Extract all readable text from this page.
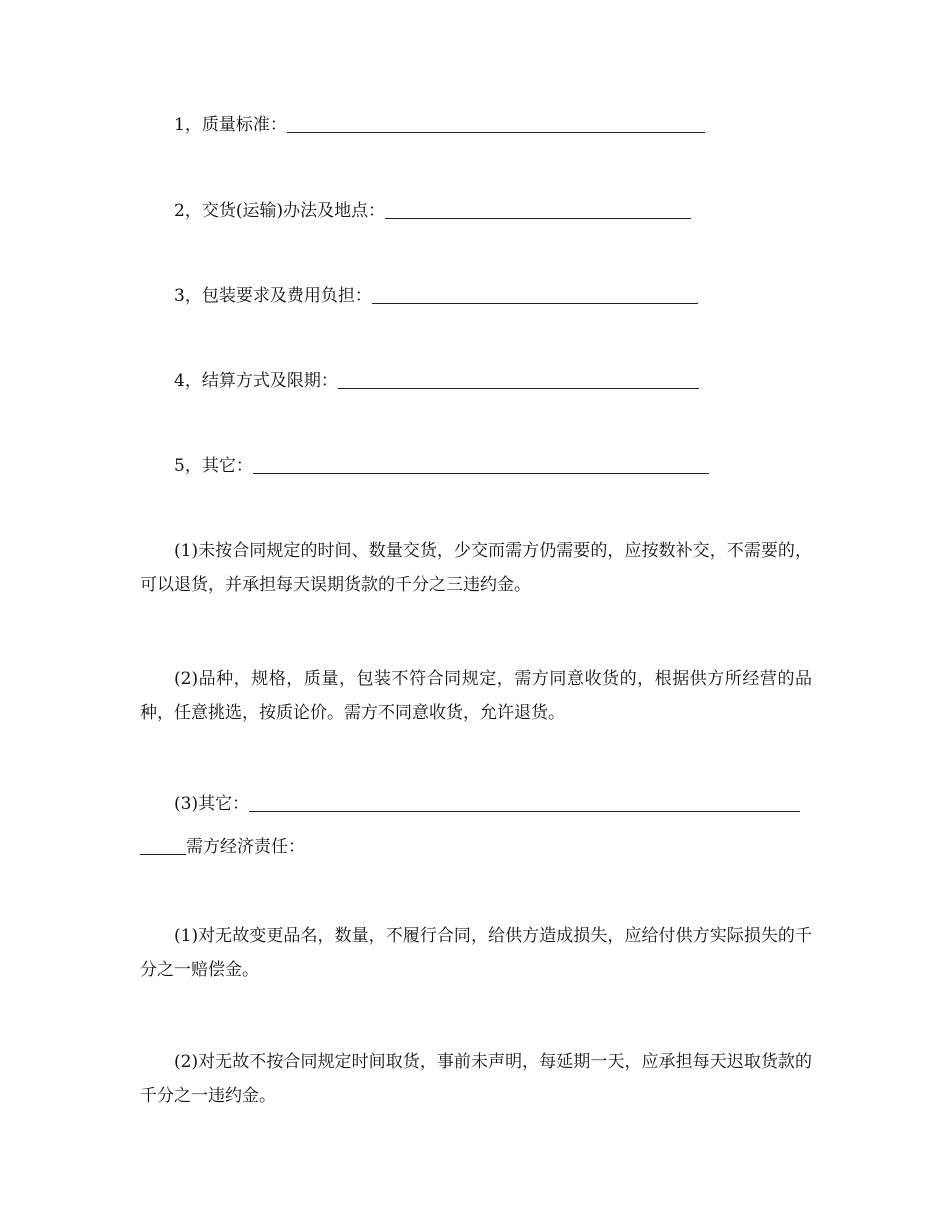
1，质量标准：
2，交货(运输)办法及地点：
3，包装要求及费用负担：
4，结算方式及限期：
5，其它：
(1)未按合同规定的时间、数量交货，少交而需方仍需要的，应按数补交，不需要的，可以退货，并承担每天误期货款的千分之三违约金。
(2)品种，规格，质量，包装不符合同规定，需方同意收货的，根据供方所经营的品种，任意挑选，按质论价。需方不同意收货，允许退货。
(3)其它：
需方经济责任：
(1)对无故变更品名，数量，不履行合同，给供方造成损失，应给付供方实际损失的千分之一赔偿金。
(2)对无故不按合同规定时间取货，事前未声明，每延期一天，应承担每天迟取货款的千分之一违约金。
